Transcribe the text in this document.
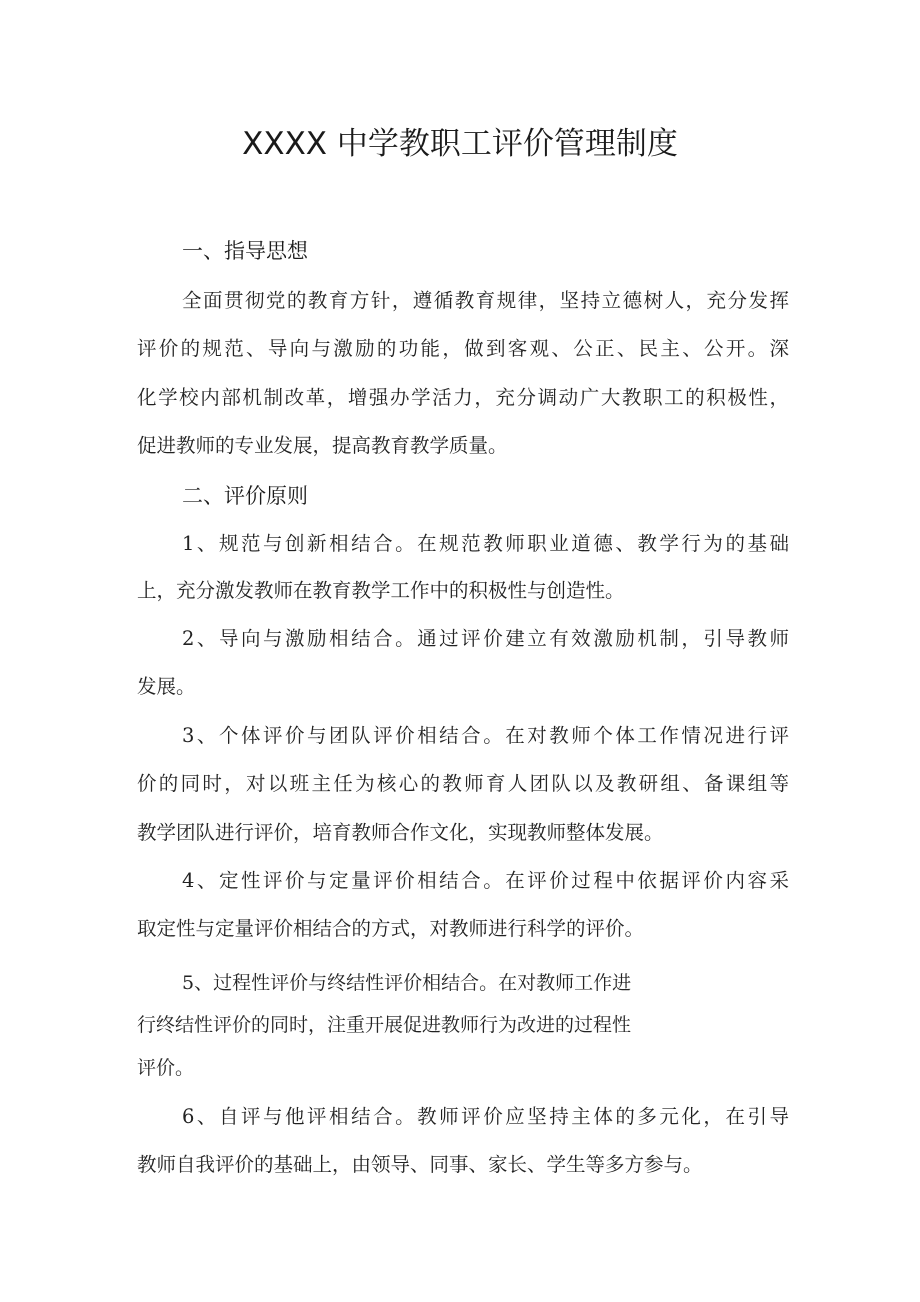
XXXX 中学教职工评价管理制度
一、指导思想
全面贯彻党的教育方针，遵循教育规律，坚持立德树人，充分发挥
评价的规范、导向与激励的功能，做到客观、公正、民主、公开。深
化学校内部机制改革，增强办学活力，充分调动广大教职工的积极性，
促进教师的专业发展，提高教育教学质量。
二、评价原则
1、规范与创新相结合。在规范教师职业道德、教学行为的基础
上，充分激发教师在教育教学工作中的积极性与创造性。
2、导向与激励相结合。通过评价建立有效激励机制，引导教师
发展。
3、个体评价与团队评价相结合。在对教师个体工作情况进行评
价的同时，对以班主任为核心的教师育人团队以及教研组、备课组等
教学团队进行评价，培育教师合作文化，实现教师整体发展。
4、定性评价与定量评价相结合。在评价过程中依据评价内容采
取定性与定量评价相结合的方式，对教师进行科学的评价。
5、过程性评价与终结性评价相结合。在对教师工作进
行终结性评价的同时，注重开展促进教师行为改进的过程性
评价。
6、自评与他评相结合。教师评价应坚持主体的多元化，在引导
教师自我评价的基础上，由领导、同事、家长、学生等多方参与。
